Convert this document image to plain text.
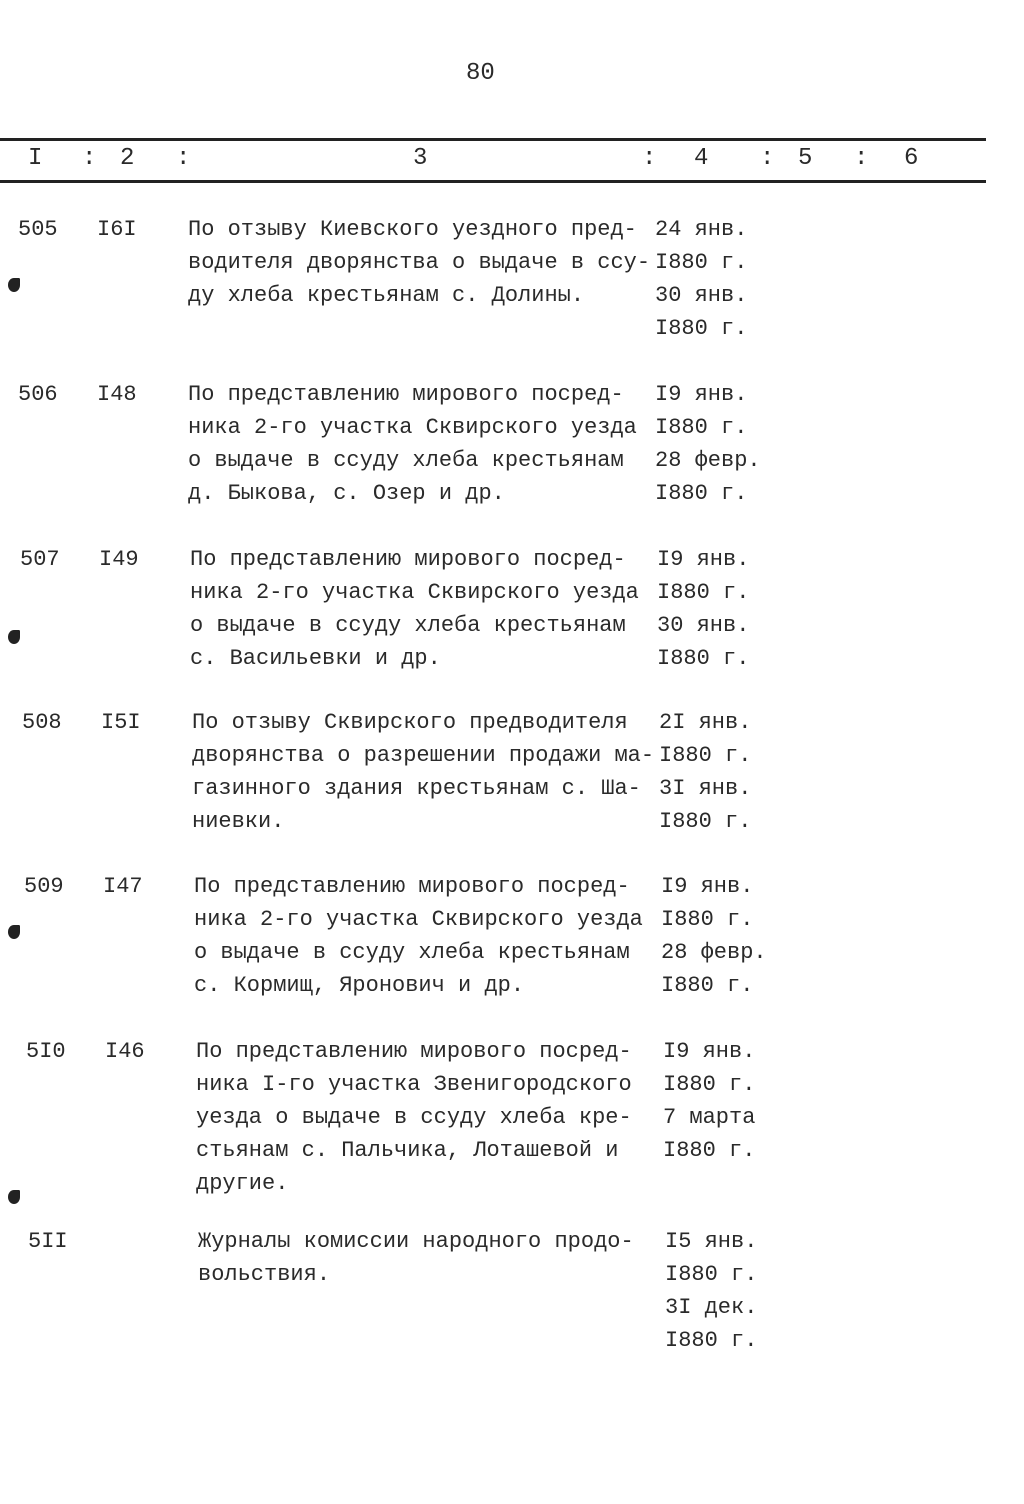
80
I : 2 :	3	: 4 : 5 : 6
505 I6I По отзыву Киевского уездного пред-
водителя дворянства о выдаче в ссу-
ду хлеба крестьянам с. Долины.
24 янв.
I880 г.
30 янв.
I880 г.
506 I48 По представлению мирового посред-
ника 2-го участка Сквирского уезда
о выдаче в ссуду хлеба крестьянам
д. Быкова, с. Озер и др.
I9 янв.
I880 г.
28 февр.
I880 г.
507 I49 По представлению мирового посред-
ника 2-го участка Сквирского уезда
о выдаче в ссуду хлеба крестьянам
с. Васильевки и др.
I9 янв.
I880 г.
30 янв.
I880 г.
508 I5I По отзыву Сквирского предводителя
дворянства о разрешении продажи ма-
газинного здания крестьянам с. Ша-
ниевки.
2I янв.
I880 г.
3I янв.
I880 г.
509 I47 По представлению мирового посред-
ника 2-го участка Сквирского уезда
о выдаче в ссуду хлеба крестьянам
с. Кормищ, Яронович и др.
I9 янв.
I880 г.
28 февр.
I880 г.
5I0 I46 По представлению мирового посред-
ника I-го участка Звенигородского
уезда о выдаче в ссуду хлеба кре-
стьянам с. Пальчика, Лоташевой и
другие.
I9 янв.
I880 г.
7 марта
I880 г.
5II	Журналы комиссии народного продо-
вольствия.
I5 янв.
I880 г.
3I дек.
I880 г.
